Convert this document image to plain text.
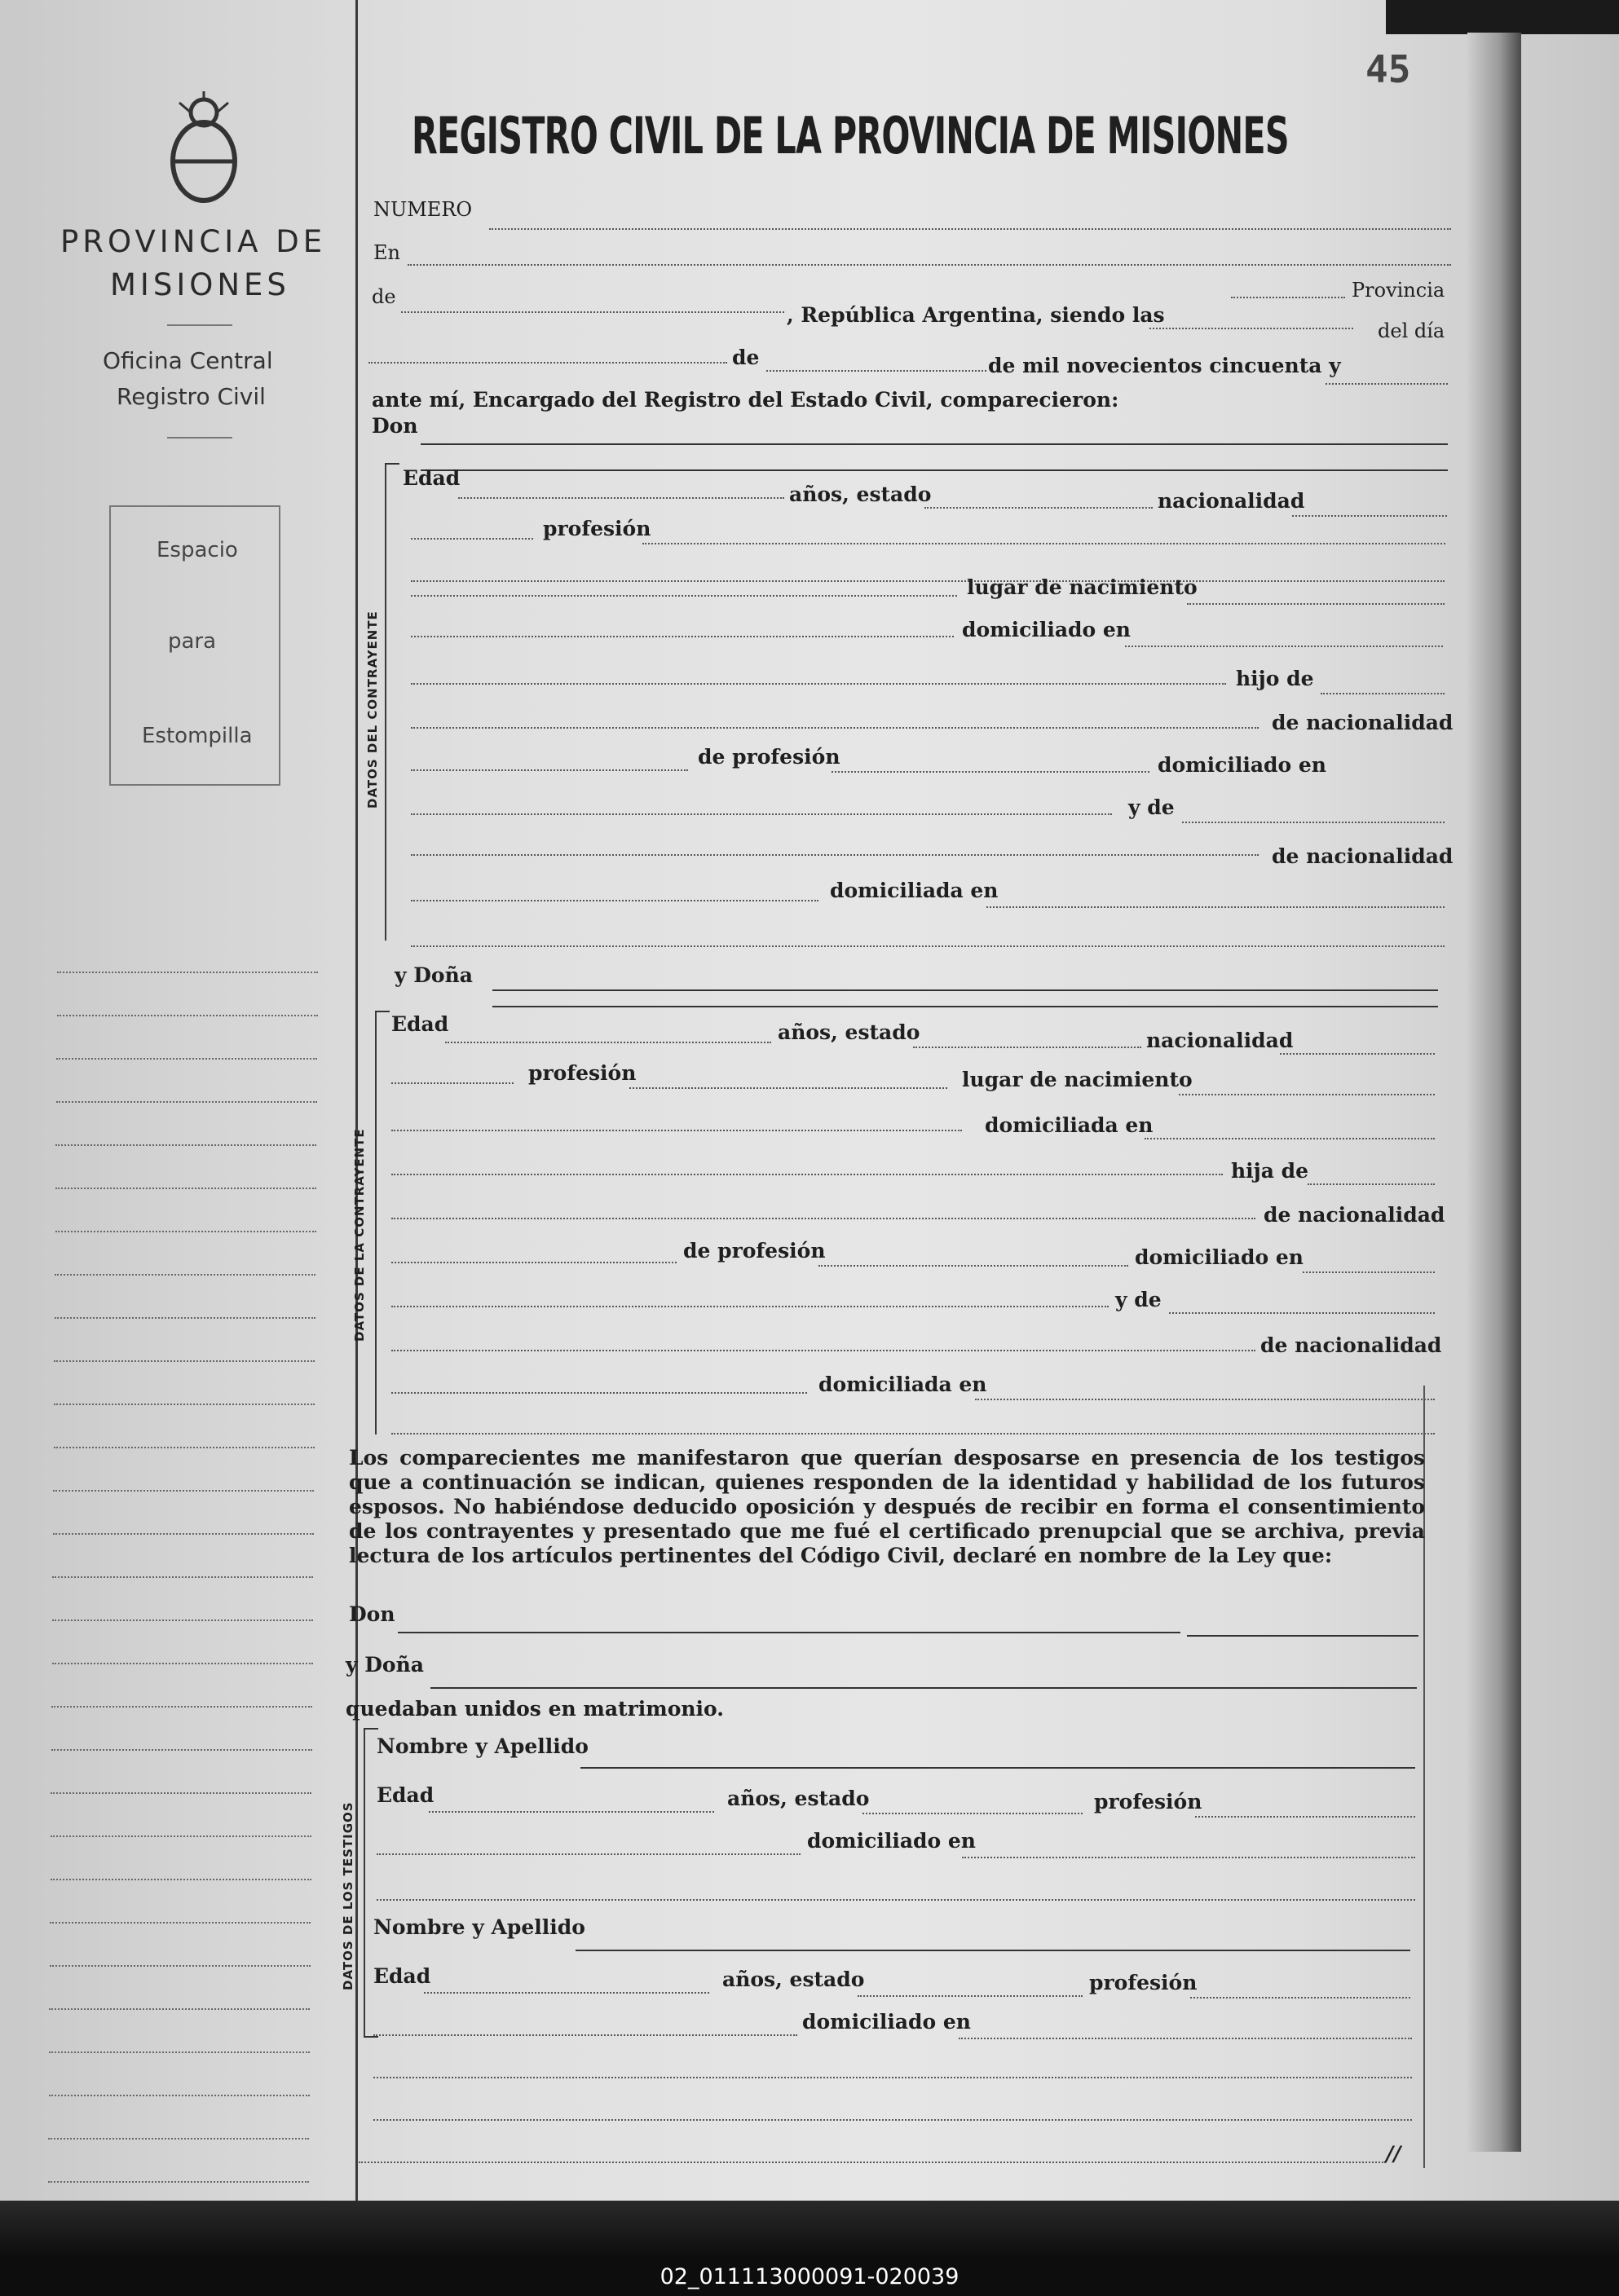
PROVINCIA DE
MISIONES
Oficina Central
Registro Civil
Espacio
para
Estompilla
45
REGISTRO CIVIL DE LA PROVINCIA DE MISIONES
NUMERO
En
Provincia
de
, República Argentina, siendo las
del día
de	de mil novecientos cincuenta y
ante mí, Encargado del Registro del Estado Civil, comparecieron:
Don
DATOS DEL CONTRAYENTE
Edad
años, estado	nacionalidad
profesión
lugar de nacimiento
domiciliado en
hijo de
de nacionalidad
de profesión	domiciliado en
y de
de nacionalidad
domiciliada en
y Doña
DATOS DE LA CONTRAYENTE
Edad	años, estado	nacionalidad
profesión	lugar de nacimiento
domiciliada en
hija de
de nacionalidad
de profesión	domiciliado en
y de
de nacionalidad
domiciliada en
Los comparecientes me manifestaron que querían desposarse en presencia de los testigos que a continuación se indican, quienes responden de la identidad y habilidad de los futuros esposos. No habiéndose deducido oposición y después de recibir en forma el consentimiento de los contrayentes y presentado que me fué el certificado prenupcial que se archiva, previa lectura de los artículos pertinentes del Código Civil, declaré en nombre de la Ley que:
Don
y Doña
quedaban unidos en matrimonio.
DATOS DE LOS TESTIGOS
Nombre y Apellido
Edad	años, estado	profesión
domiciliado en
Nombre y Apellido
Edad	años, estado	profesión
domiciliado en
//
02_011113000091-020039
